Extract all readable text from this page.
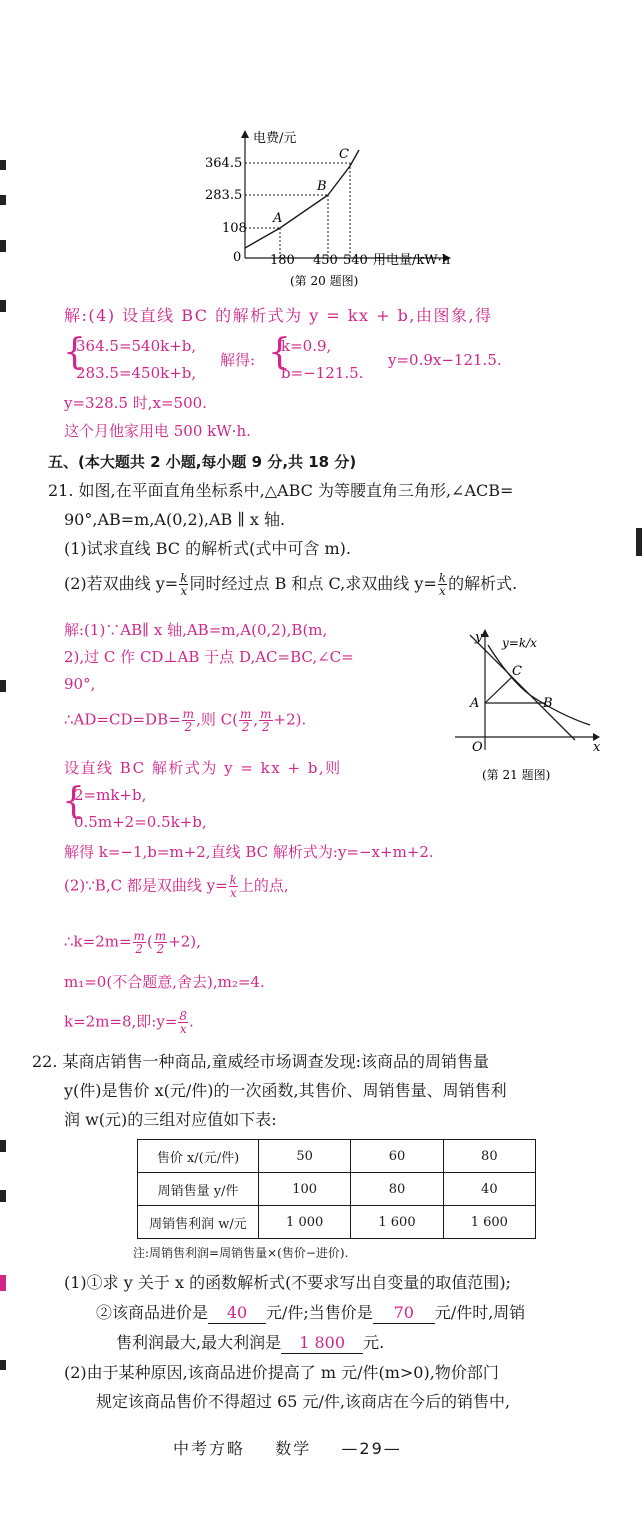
电费/元
用电量/kW·h
364.5
283.5
108
0 180 450 540
A
B
C
(第 20 题图)
解:(4) 设直线 BC 的解析式为 y = kx + b,由图象,得
{
364.5=540k+b,
283.5=450k+b,
解得: {
k=0.9,
b=−121.5.
y=0.9x−121.5.
y=328.5 时,x=500.
这个月他家用电 500 kW·h.
五、(本大题共 2 小题,每小题 9 分,共 18 分)
21. 如图,在平面直角坐标系中,△ABC 为等腰直角三角形,∠ACB=
90°,AB=m,A(0,2),AB ∥ x 轴.
(1)试求直线 BC 的解析式(式中可含 m).
(2)若双曲线 $y= \frac{k}{x}$ 同时经过点 B 和点 C,求双曲线 $y= \frac{k}{x}$ 的解析式.
解:(1)∵AB∥ x 轴,AB=m,A(0,2),B(m,
2),过 C 作 CD⊥AB 于点 D,AC=BC,∠C=
90°,
∴AD=CD=DB= $\frac{m}{2}$ ,则 $C( \frac{m}{2}$ , $\frac{m}{2} +2$).
设直线 BC 解析式为 y = kx + b,则
{
2=mk+b,
0.5m+2=0.5k+b,
解得 k=−1,b=m+2,直线 BC 解析式为:y=−x+m+2.
(2)∵B,C 都是双曲线 $y= \frac{k}{x}$ 上的点,
∴k=2m= $\frac{m}{2}$ ( $\frac{m}{2} +2$),
m₁=0(不合题意,舍去),m₂=4.
k=2m=8,即:y= $\frac{8}{x}$ .
y=k/x
y
C
A	B
O	x
(第 21 题图)
22. 某商店销售一种商品,童威经市场调查发现:该商品的周销售量
y(件)是售价 x(元/件)的一次函数,其售价、周销售量、周销售利
润 w(元)的三组对应值如下表:
售价 x/(元/件)	50	60	80
周销售量 y/件	100	80	40
周销售利润 w/元	1 000	1 600	1 600
注:周销售利润=周销售量×(售价−进价).
(1)①求 y 关于 x 的函数解析式(不要求写出自变量的取值范围);
②该商品进价是 40 元/件;当售价是 70 元/件时,周销
售利润最大,最大利润是 1 800 元.
(2)由于某种原因,该商品进价提高了 m 元/件(m>0),物价部门
规定该商品售价不得超过 65 元/件,该商店在今后的销售中,
中考方略 数学 —29—
